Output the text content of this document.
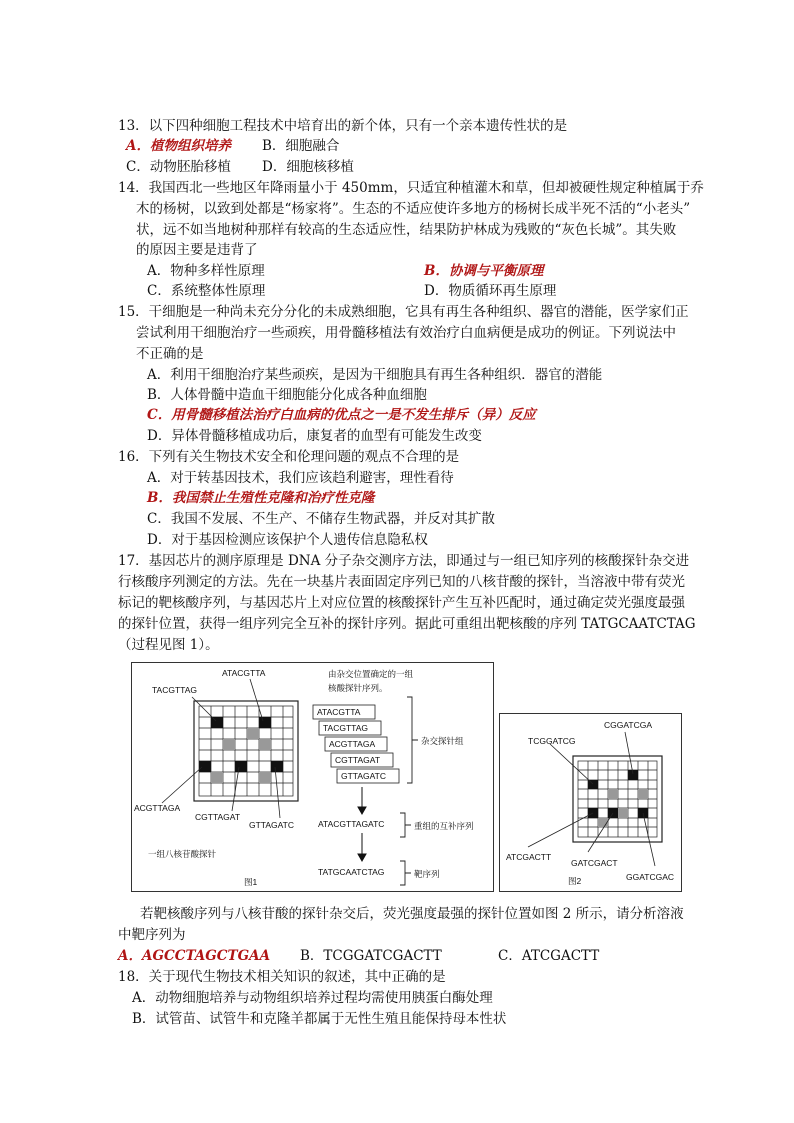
13．以下四种细胞工程技术中培育出的新个体，只有一个亲本遗传性状的是
A．植物组织培养 B．细胞融合
C．动物胚胎移植 D．细胞核移植
14．我国西北一些地区年降雨量小于 450mm，只适宜种植灌木和草，但却被硬性规定种植属于乔
木的杨树，以致到处都是“杨家将”。生态的不适应使许多地方的杨树长成半死不活的“小老头”
状，远不如当地树种那样有较高的生态适应性，结果防护林成为残败的“灰色长城”。其失败
的原因主要是违背了
A．物种多样性原理	B．协调与平衡原理
C．系统整体性原理	D．物质循环再生原理
15．干细胞是一种尚未充分分化的未成熟细胞，它具有再生各种组织、器官的潜能，医学家们正
尝试利用干细胞治疗一些顽疾，用骨髓移植法有效治疗白血病便是成功的例证。下列说法中
不正确的是
A．利用干细胞治疗某些顽疾，是因为干细胞具有再生各种组织．器官的潜能
B．人体骨髓中造血干细胞能分化成各种血细胞
C．用骨髓移植法治疗白血病的优点之一是不发生排斥（异）反应
D．异体骨髓移植成功后，康复者的血型有可能发生改变
16．下列有关生物技术安全和伦理问题的观点不合理的是
A．对于转基因技术，我们应该趋利避害，理性看待
B．我国禁止生殖性克隆和治疗性克隆
C．我国不发展、不生产、不储存生物武器，并反对其扩散
D．对于基因检测应该保护个人遗传信息隐私权
17．基因芯片的测序原理是 DNA 分子杂交测序方法，即通过与一组已知序列的核酸探针杂交进
行核酸序列测定的方法。先在一块基片表面固定序列已知的八核苷酸的探针，当溶液中带有荧光
标记的靶核酸序列，与基因芯片上对应位置的核酸探针产生互补匹配时，通过确定荧光强度最强
的探针位置，获得一组序列完全互补的探针序列。据此可重组出靶核酸的序列 TATGCAATCTAG
（过程见图 1）。
ATACGTTA
TACGTTAG
ACGTTAGA
CGTTAGAT
GTTAGATC
由杂交位置确定的一组
核酸探针序列。
ATACGTTA
TACGTTAG
ACGTTAGA
CGTTAGAT
GTTAGATC
杂交探针组
ATACGTTAGATC	重组的互补序列
TATGCAATCTAG	靶序列
一组八核苷酸探针
图1
CGGATCGA
TCGGATCG
ATCGACTT
GATCGACT
GGATCGAC
图2
若靶核酸序列与八核苷酸的探针杂交后，荧光强度最强的探针位置如图 2 所示，请分析溶液
中靶序列为
A．AGCCTAGCTGAA B．TCGGATCGACTT	C．ATCGACTT
18．关于现代生物技术相关知识的叙述，其中正确的是
A．动物细胞培养与动物组织培养过程均需使用胰蛋白酶处理
B．试管苗、试管牛和克隆羊都属于无性生殖且能保持母本性状
